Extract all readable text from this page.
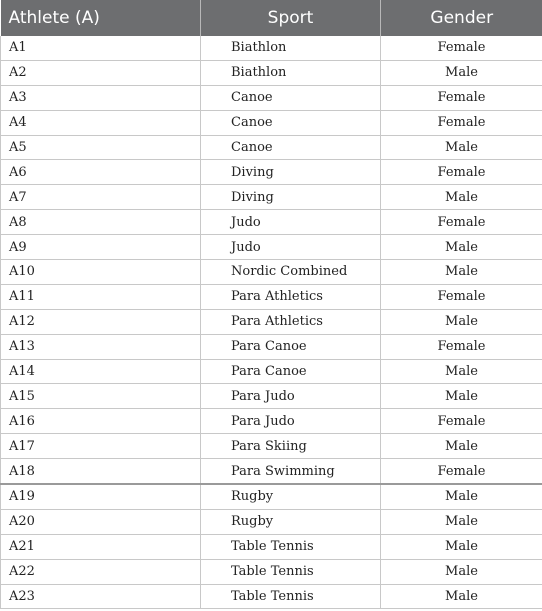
Athlete (A)	Sport	Gender
A1	Biathlon	Female
A2	Biathlon	Male
A3	Canoe	Female
A4	Canoe	Female
A5	Canoe	Male
A6	Diving	Female
A7	Diving	Male
A8	Judo	Female
A9	Judo	Male
A10	Nordic Combined	Male
A11	Para Athletics	Female
A12	Para Athletics	Male
A13	Para Canoe	Female
A14	Para Canoe	Male
A15	Para Judo	Male
A16	Para Judo	Female
A17	Para Skiing	Male
A18	Para Swimming	Female
A19	Rugby	Male
A20	Rugby	Male
A21	Table Tennis	Male
A22	Table Tennis	Male
A23	Table Tennis	Male
